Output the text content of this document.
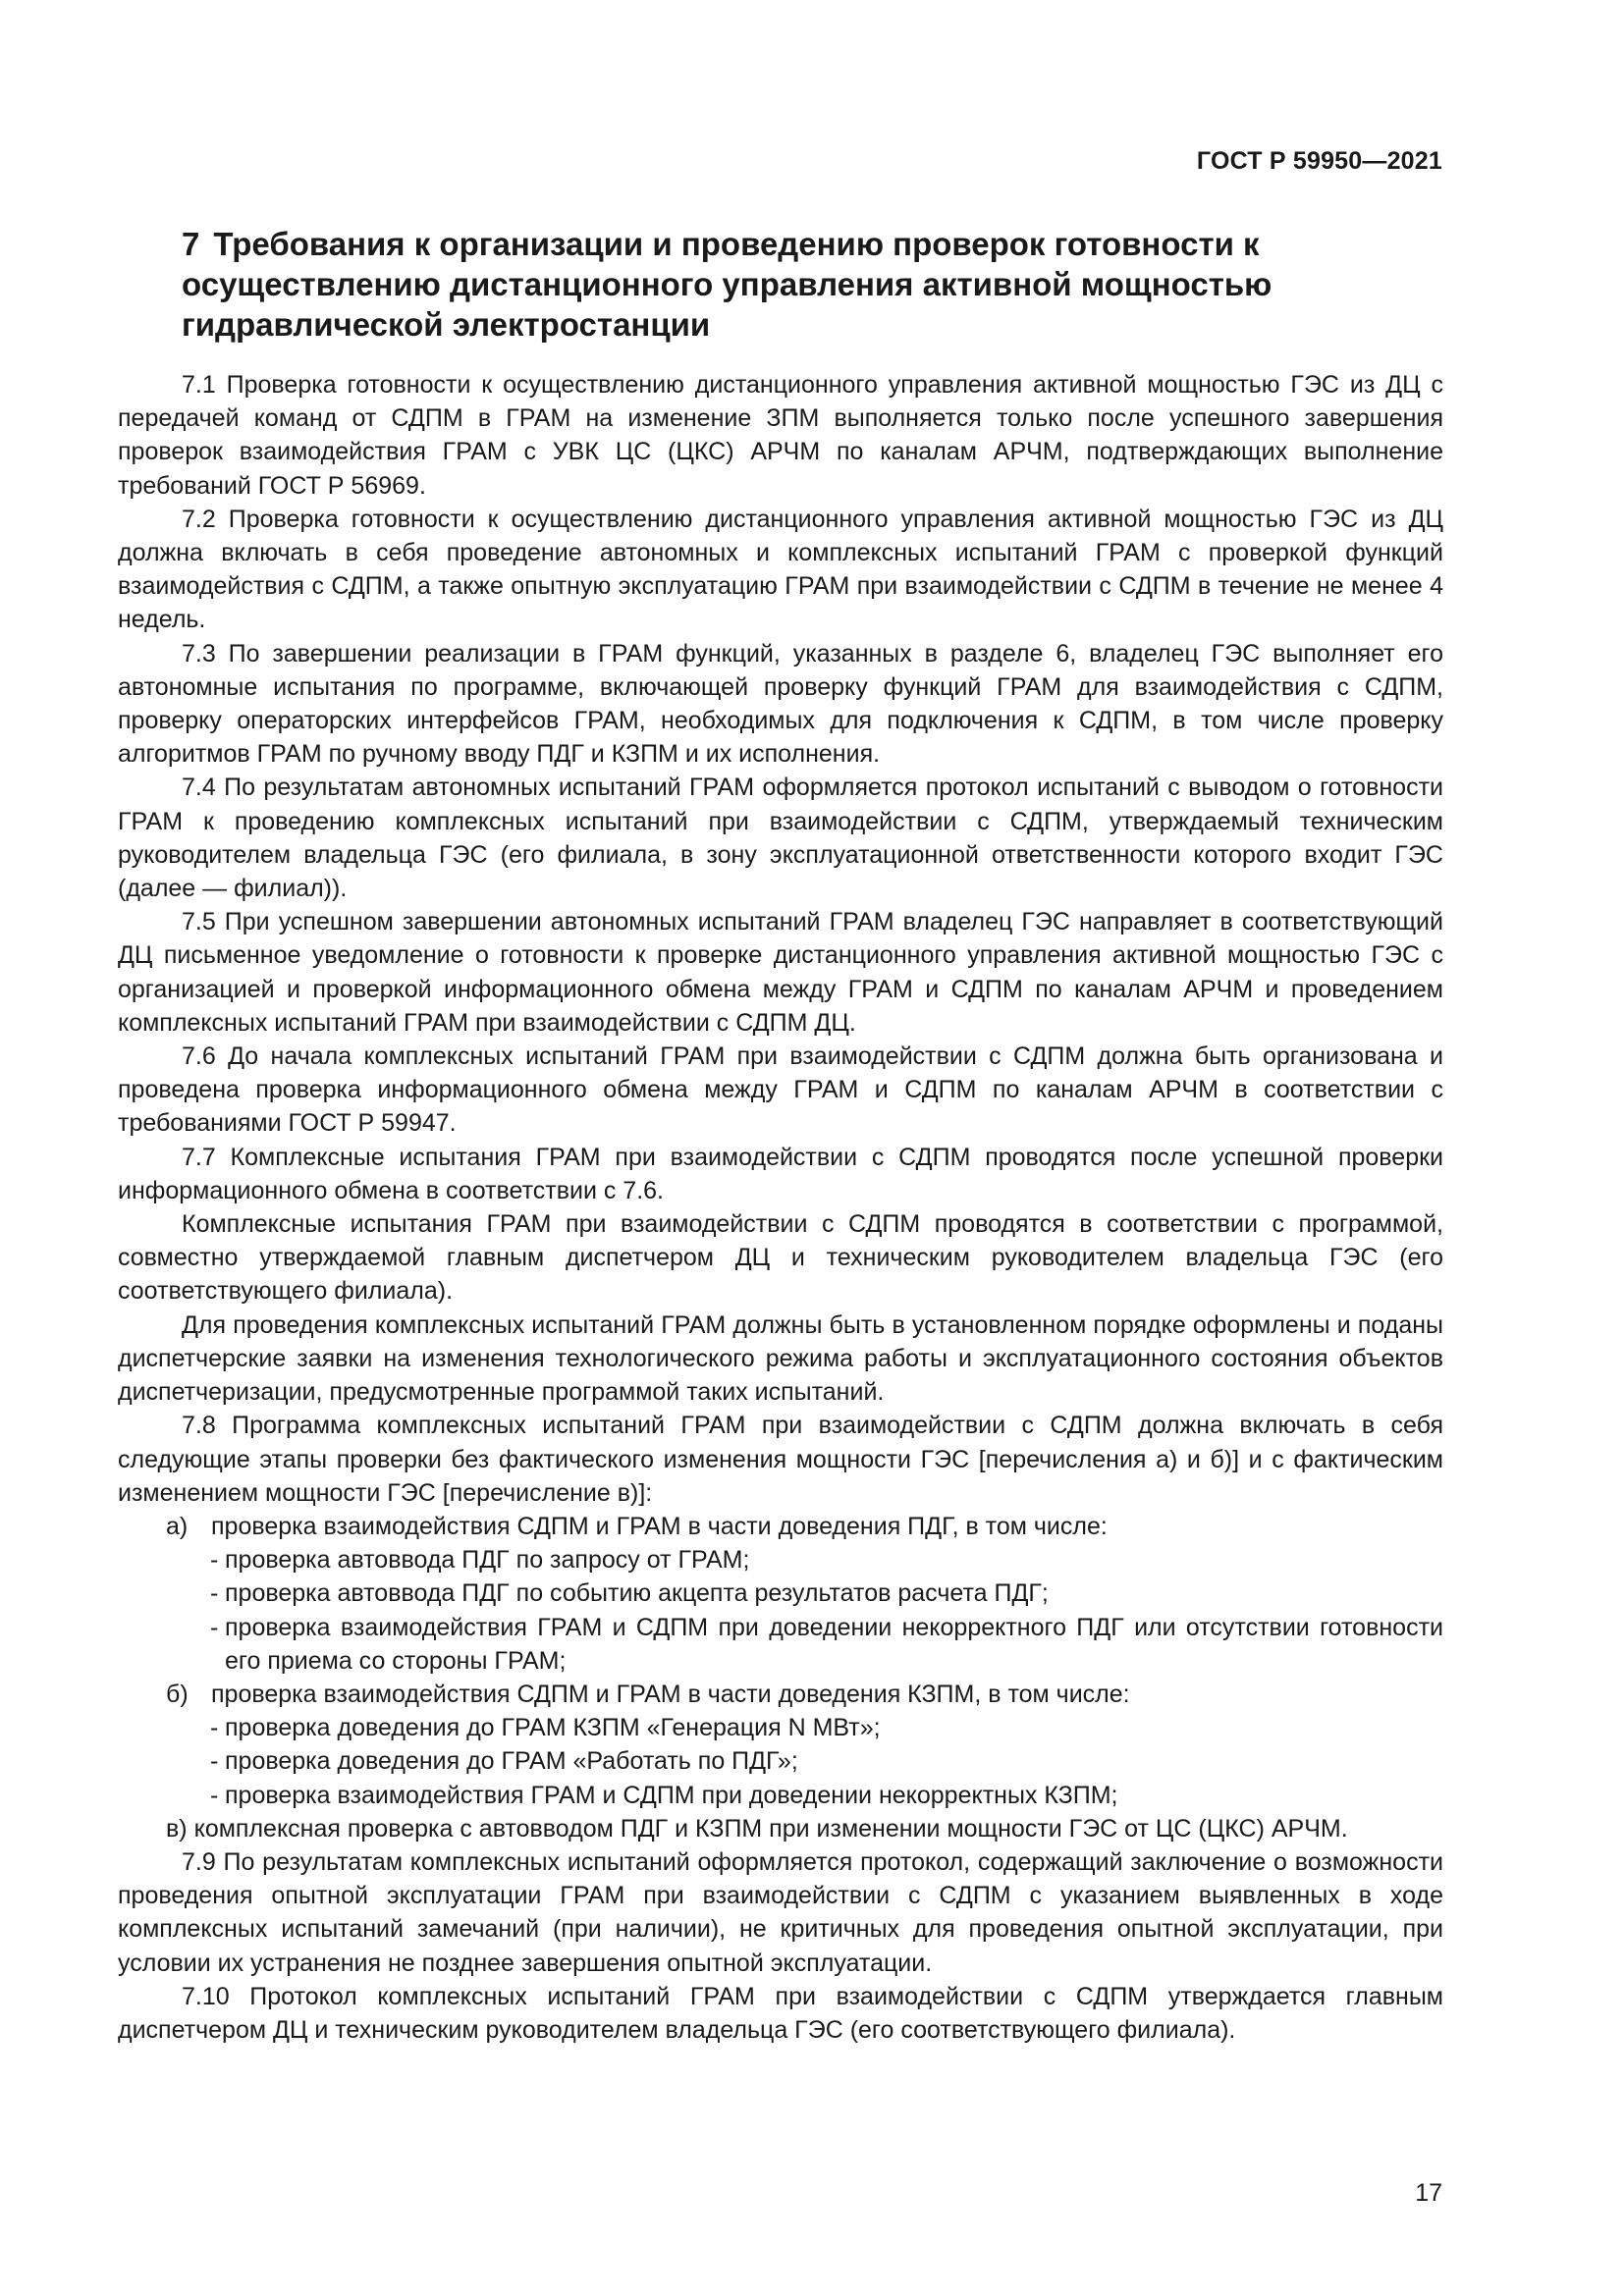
ГОСТ Р 59950—2021
7 Требования к организации и проведению проверок готовности к осуществлению дистанционного управления активной мощностью гидравлической электростанции

7.1 Проверка готовности к осуществлению дистанционного управления активной мощностью ГЭС из ДЦ с передачей команд от СДПМ в ГРАМ на изменение ЗПМ выполняется только после успешного завершения проверок взаимодействия ГРАМ с УВК ЦС (ЦКС) АРЧМ по каналам АРЧМ, подтверждающих выполнение требований ГОСТ Р 56969.

7.2 Проверка готовности к осуществлению дистанционного управления активной мощностью ГЭС из ДЦ должна включать в себя проведение автономных и комплексных испытаний ГРАМ с проверкой функций взаимодействия с СДПМ, а также опытную эксплуатацию ГРАМ при взаимодействии с СДПМ в течение не менее 4 недель.

7.3 По завершении реализации в ГРАМ функций, указанных в разделе 6, владелец ГЭС выполняет его автономные испытания по программе, включающей проверку функций ГРАМ для взаимодействия с СДПМ, проверку операторских интерфейсов ГРАМ, необходимых для подключения к СДПМ, в том числе проверку алгоритмов ГРАМ по ручному вводу ПДГ и КЗПМ и их исполнения.

7.4 По результатам автономных испытаний ГРАМ оформляется протокол испытаний с выводом о готовности ГРАМ к проведению комплексных испытаний при взаимодействии с СДПМ, утверждаемый техническим руководителем владельца ГЭС (его филиала, в зону эксплуатационной ответственности которого входит ГЭС (далее — филиал)).

7.5 При успешном завершении автономных испытаний ГРАМ владелец ГЭС направляет в соответствующий ДЦ письменное уведомление о готовности к проверке дистанционного управления активной мощностью ГЭС с организацией и проверкой информационного обмена между ГРАМ и СДПМ по каналам АРЧМ и проведением комплексных испытаний ГРАМ при взаимодействии с СДПМ ДЦ.

7.6 До начала комплексных испытаний ГРАМ при взаимодействии с СДПМ должна быть организована и проведена проверка информационного обмена между ГРАМ и СДПМ по каналам АРЧМ в соответствии с требованиями ГОСТ Р 59947.

7.7 Комплексные испытания ГРАМ при взаимодействии с СДПМ проводятся после успешной проверки информационного обмена в соответствии с 7.6.

Комплексные испытания ГРАМ при взаимодействии с СДПМ проводятся в соответствии с программой, совместно утверждаемой главным диспетчером ДЦ и техническим руководителем владельца ГЭС (его соответствующего филиала).

Для проведения комплексных испытаний ГРАМ должны быть в установленном порядке оформлены и поданы диспетчерские заявки на изменения технологического режима работы и эксплуатационного состояния объектов диспетчеризации, предусмотренные программой таких испытаний.

7.8 Программа комплексных испытаний ГРАМ при взаимодействии с СДПМ должна включать в себя следующие этапы проверки без фактического изменения мощности ГЭС [перечисления а) и б)] и с фактическим изменением мощности ГЭС [перечисление в)]:

а) проверка взаимодействия СДПМ и ГРАМ в части доведения ПДГ, в том числе:

- проверка автоввода ПДГ по запросу от ГРАМ;

- проверка автоввода ПДГ по событию акцепта результатов расчета ПДГ;

- проверка взаимодействия ГРАМ и СДПМ при доведении некорректного ПДГ или отсутствии готовности его приема со стороны ГРАМ;

б) проверка взаимодействия СДПМ и ГРАМ в части доведения КЗПМ, в том числе:

- проверка доведения до ГРАМ КЗПМ «Генерация N МВт»;

- проверка доведения до ГРАМ «Работать по ПДГ»;

- проверка взаимодействия ГРАМ и СДПМ при доведении некорректных КЗПМ;

в) комплексная проверка с автовводом ПДГ и КЗПМ при изменении мощности ГЭС от ЦС (ЦКС) АРЧМ.

7.9 По результатам комплексных испытаний оформляется протокол, содержащий заключение о возможности проведения опытной эксплуатации ГРАМ при взаимодействии с СДПМ с указанием выявленных в ходе комплексных испытаний замечаний (при наличии), не критичных для проведения опытной эксплуатации, при условии их устранения не позднее завершения опытной эксплуатации.

7.10 Протокол комплексных испытаний ГРАМ при взаимодействии с СДПМ утверждается главным диспетчером ДЦ и техническим руководителем владельца ГЭС (его соответствующего филиала).

17
